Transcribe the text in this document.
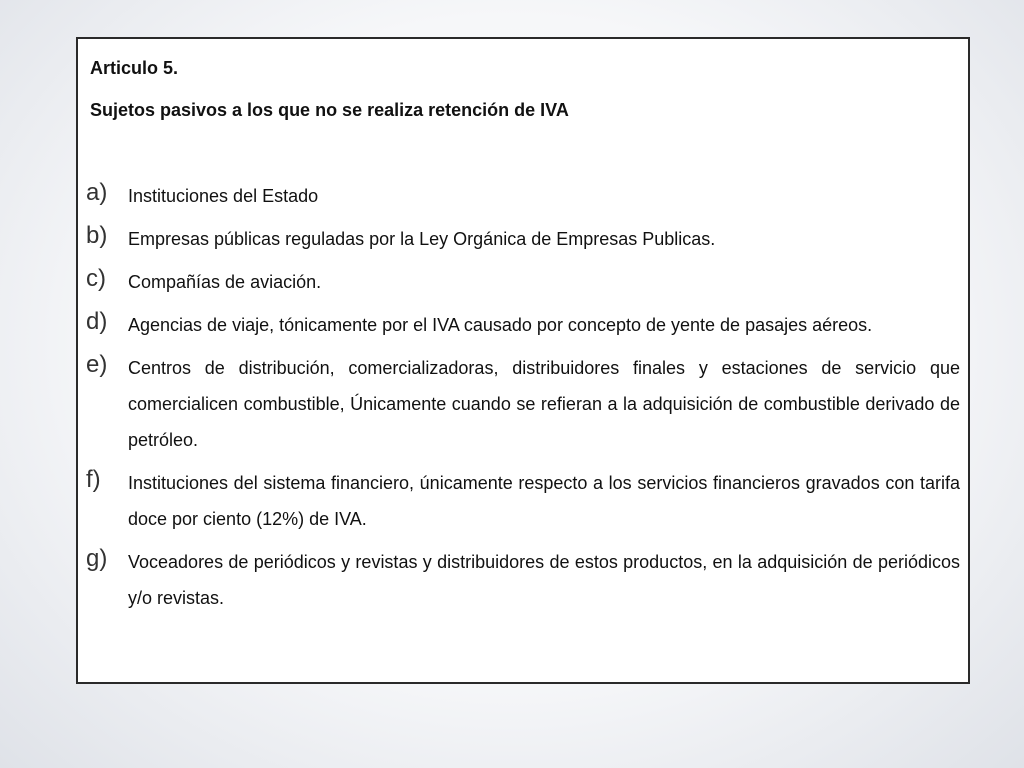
Articulo 5.

Sujetos pasivos a los que no se realiza retención de IVA

a) Instituciones del Estado
b) Empresas públicas reguladas por la Ley Orgánica de Empresas Publicas.
c) Compañías de aviación.
d) Agencias de viaje, tónicamente por el IVA causado por concepto de yente de pasajes aéreos.
e) Centros de distribución, comercializadoras, distribuidores finales y estaciones de servicio que comercialicen combustible, Únicamente cuando se refieran a la adquisición de combustible derivado de petróleo.
f) Instituciones del sistema financiero, únicamente respecto a los servicios financieros gravados con tarifa doce por ciento (12%) de IVA.
g) Voceadores de periódicos y revistas y distribuidores de estos productos, en la adquisición de periódicos y/o revistas.
